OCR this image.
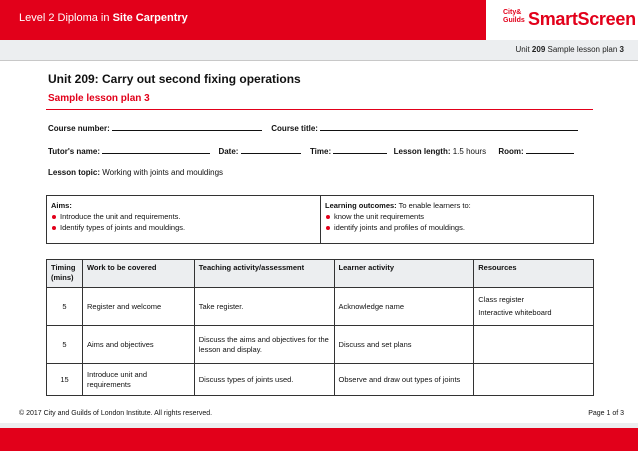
Level 2 Diploma in Site Carpentry	City&
Guilds SmartScreen
Unit 209 Sample lesson plan 3
Unit 209: Carry out second fixing operations
Sample lesson plan 3
Course number:	Course title:
Tutor's name:	Date:	Time:	Lesson length: 1.5 hours Room:
Lesson topic: Working with joints and mouldings
Aims:
Introduce the unit and requirements.
Identify types of joints and mouldings.
Learning outcomes: To enable learners to:
know the unit requirements
identify joints and profiles of mouldings.
Timing (mins)	Work to be covered	Teaching activity/assessment	Learner activity	Resources
5	Register and welcome	Take register.	Acknowledge name	Class register
Interactive whiteboard

5	Aims and objectives	Discuss the aims and objectives for the lesson and display.	Discuss and set plans	
15	Introduce unit and requirements	Discuss types of joints used.	Observe and draw out types of joints	
© 2017 City and Guilds of London Institute. All rights reserved.	Page 1 of 3
